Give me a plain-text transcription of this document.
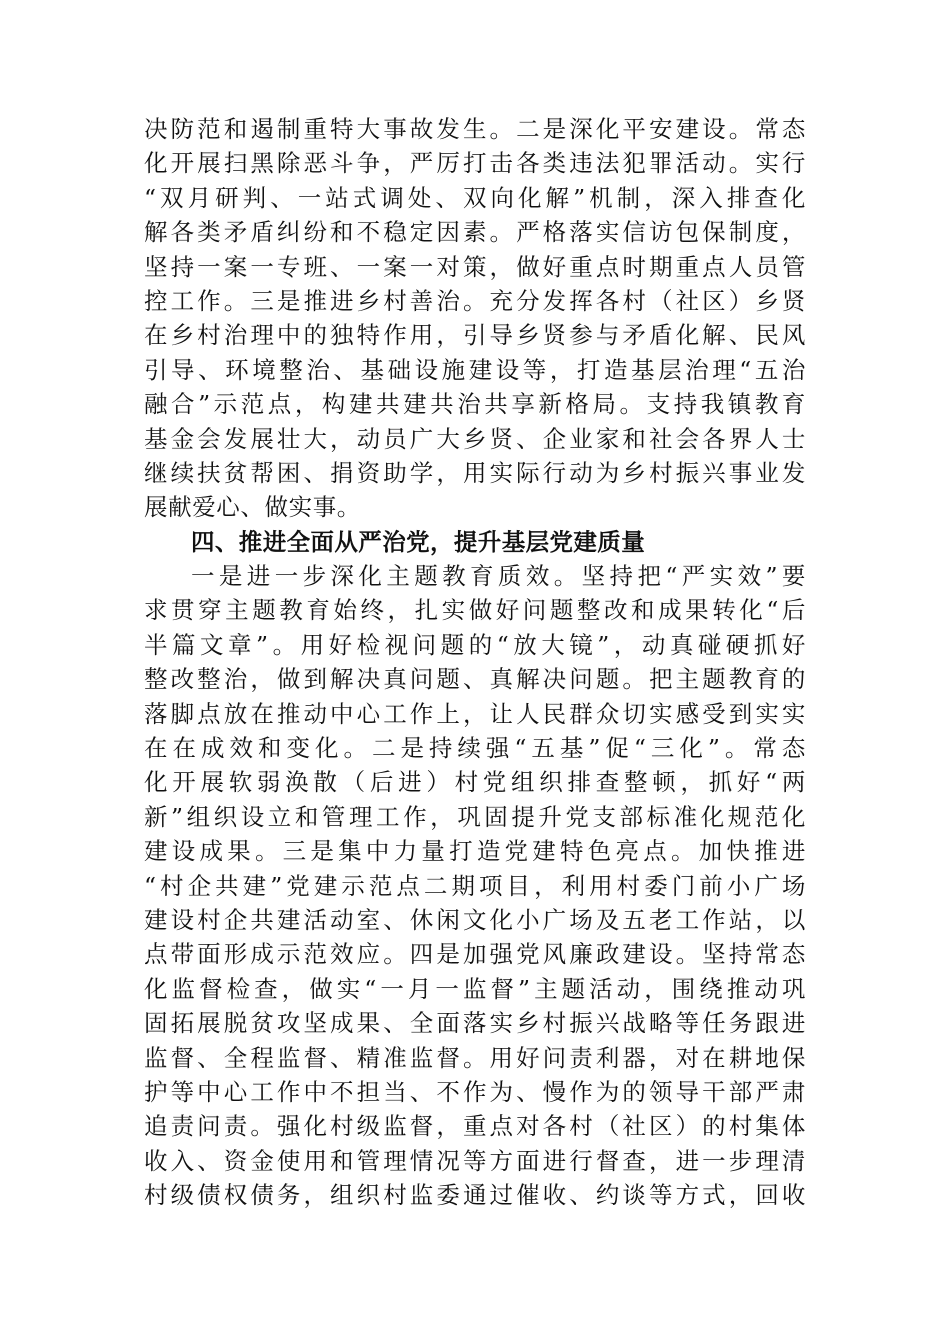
决防范和遏制重特大事故发生。二是深化平安建设。常态
化开展扫黑除恶斗争，严厉打击各类违法犯罪活动。实行
“双月研判、一站式调处、双向化解”机制，深入排查化
解各类矛盾纠纷和不稳定因素。严格落实信访包保制度，
坚持一案一专班、一案一对策，做好重点时期重点人员管
控工作。三是推进乡村善治。充分发挥各村（社区）乡贤
在乡村治理中的独特作用，引导乡贤参与矛盾化解、民风
引导、环境整治、基础设施建设等，打造基层治理“五治
融合”示范点，构建共建共治共享新格局。支持我镇教育
基金会发展壮大，动员广大乡贤、企业家和社会各界人士
继续扶贫帮困、捐资助学，用实际行动为乡村振兴事业发
展献爱心、做实事。
四、推进全面从严治党，提升基层党建质量
一是进一步深化主题教育质效。坚持把“严实效”要
求贯穿主题教育始终，扎实做好问题整改和成果转化“后
半篇文章”。用好检视问题的“放大镜”，动真碰硬抓好
整改整治，做到解决真问题、真解决问题。把主题教育的
落脚点放在推动中心工作上，让人民群众切实感受到实实
在在成效和变化。二是持续强“五基”促“三化”。常态
化开展软弱涣散（后进）村党组织排查整顿，抓好“两
新”组织设立和管理工作，巩固提升党支部标准化规范化
建设成果。三是集中力量打造党建特色亮点。加快推进
“村企共建”党建示范点二期项目，利用村委门前小广场
建设村企共建活动室、休闲文化小广场及五老工作站，以
点带面形成示范效应。四是加强党风廉政建设。坚持常态
化监督检查，做实“一月一监督”主题活动，围绕推动巩
固拓展脱贫攻坚成果、全面落实乡村振兴战略等任务跟进
监督、全程监督、精准监督。用好问责利器，对在耕地保
护等中心工作中不担当、不作为、慢作为的领导干部严肃
追责问责。强化村级监督，重点对各村（社区）的村集体
收入、资金使用和管理情况等方面进行督查，进一步理清
村级债权债务，组织村监委通过催收、约谈等方式，回收
